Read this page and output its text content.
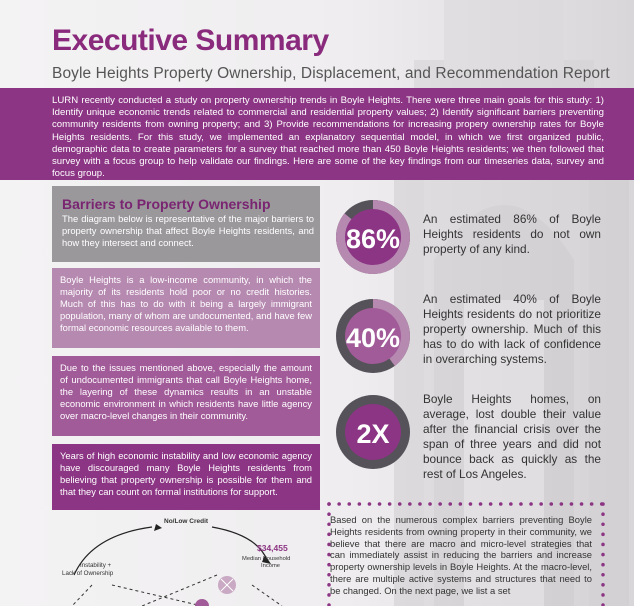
Executive Summary
Boyle Heights Property Ownership, Displacement, and Recommendation Report
LURN recently conducted a study on property ownership trends in Boyle Heights. There were three main goals for this study: 1) Identify unique economic trends related to commercial and residential property values; 2) Identify significant barriers preventing community residents from owning property; and 3) Provide recommendations for increasing propery ownership rates for Boyle Heights residents. For this study, we implemented an explanatory sequential model, in which we first organized public, demographic data to create parameters for a survey that reached more than 450 Boyle Heights residents; we then followed that survey with a focus group to help validate our findings. Here are some of the key findings from our timeseries data, survey and focus group.
Barriers to Property Ownership
The diagram below is representative of the major barriers to property ownership that affect Boyle Heights residents, and how they intersect and connect.
Boyle Heights is a low-income community, in which the majority of its residents hold poor or no credit histories. Much of this has to do with it being a largely immigrant population, many of whom are undocumented, and have few formal economic resources available to them.
Due to the issues mentioned above, especially the amount of undocumented immigrants that call Boyle Heights home, the layering of these dynamics results in an unstable economic environment in which residents have little agency over macro-level changes in their community.
Years of high economic instability and low economic agency have discouraged many Boyle Heights residents from believing that property ownership is possible for them and that they can count on formal institutions for support.
No/Low Credit
Instability +
Lack of Ownership
$34,455
Median Household
Income
86%
An estimated 86% of Boyle Heights residents do not own property of any kind.
40%
An estimated 40% of Boyle Heights residents do not prioritize property ownership. Much of this has to do with lack of confidence in overarching systems.
2X
Boyle Heights homes, on average, lost double their value after the financial crisis over the span of three years and did not bounce back as quickly as the rest of Los Angeles.
Based on the numerous complex barriers preventing Boyle Heights residents from owning property in their community, we believe that there are macro and micro-level strategies that can immediately assist in reducing the barriers and increase property ownership levels in Boyle Heights. At the macro-level, there are multiple active systems and structures that need to be changed. On the next page, we list a set
